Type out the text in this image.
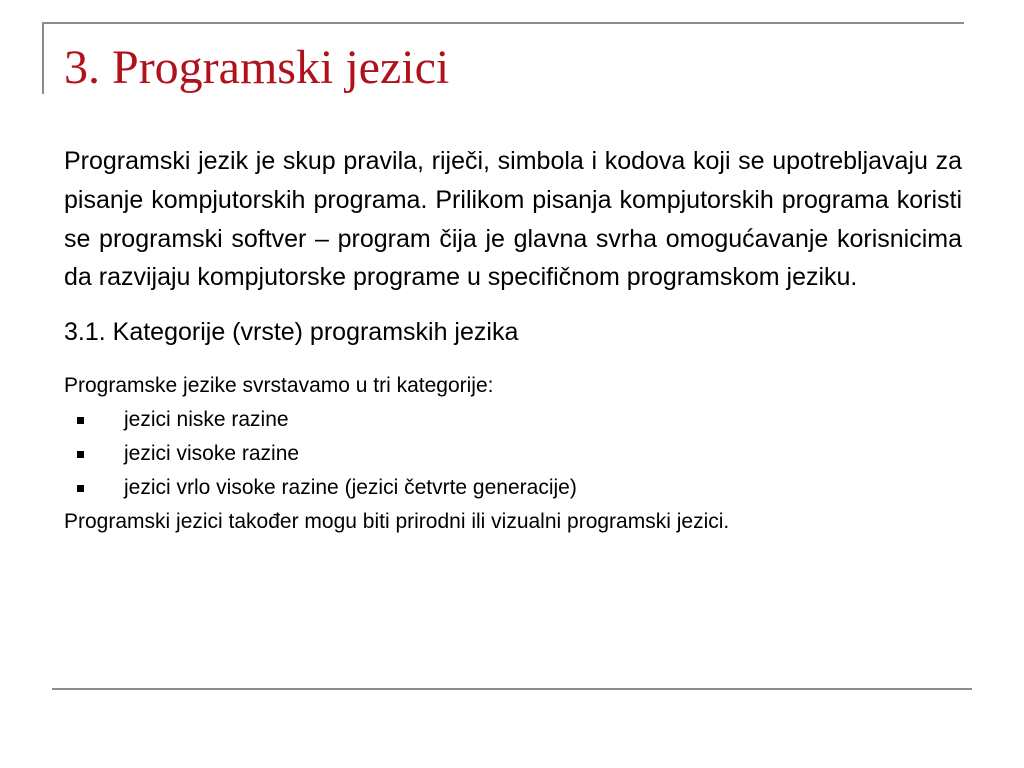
3. Programski jezici

Programski jezik je skup pravila, riječi, simbola i kodova koji se upotrebljavaju za pisanje kompjutorskih programa. Prilikom pisanja kompjutorskih programa koristi se programski softver – program čija je glavna svrha omogućavanje korisnicima da razvijaju kompjutorske programe u specifičnom programskom jeziku.

3.1. Kategorije (vrste) programskih jezika

Programske jezike svrstavamo u tri kategorije:

jezici niske razine
jezici visoke razine
jezici vrlo visoke razine (jezici četvrte generacije)

Programski jezici također mogu biti prirodni ili vizualni programski jezici.
